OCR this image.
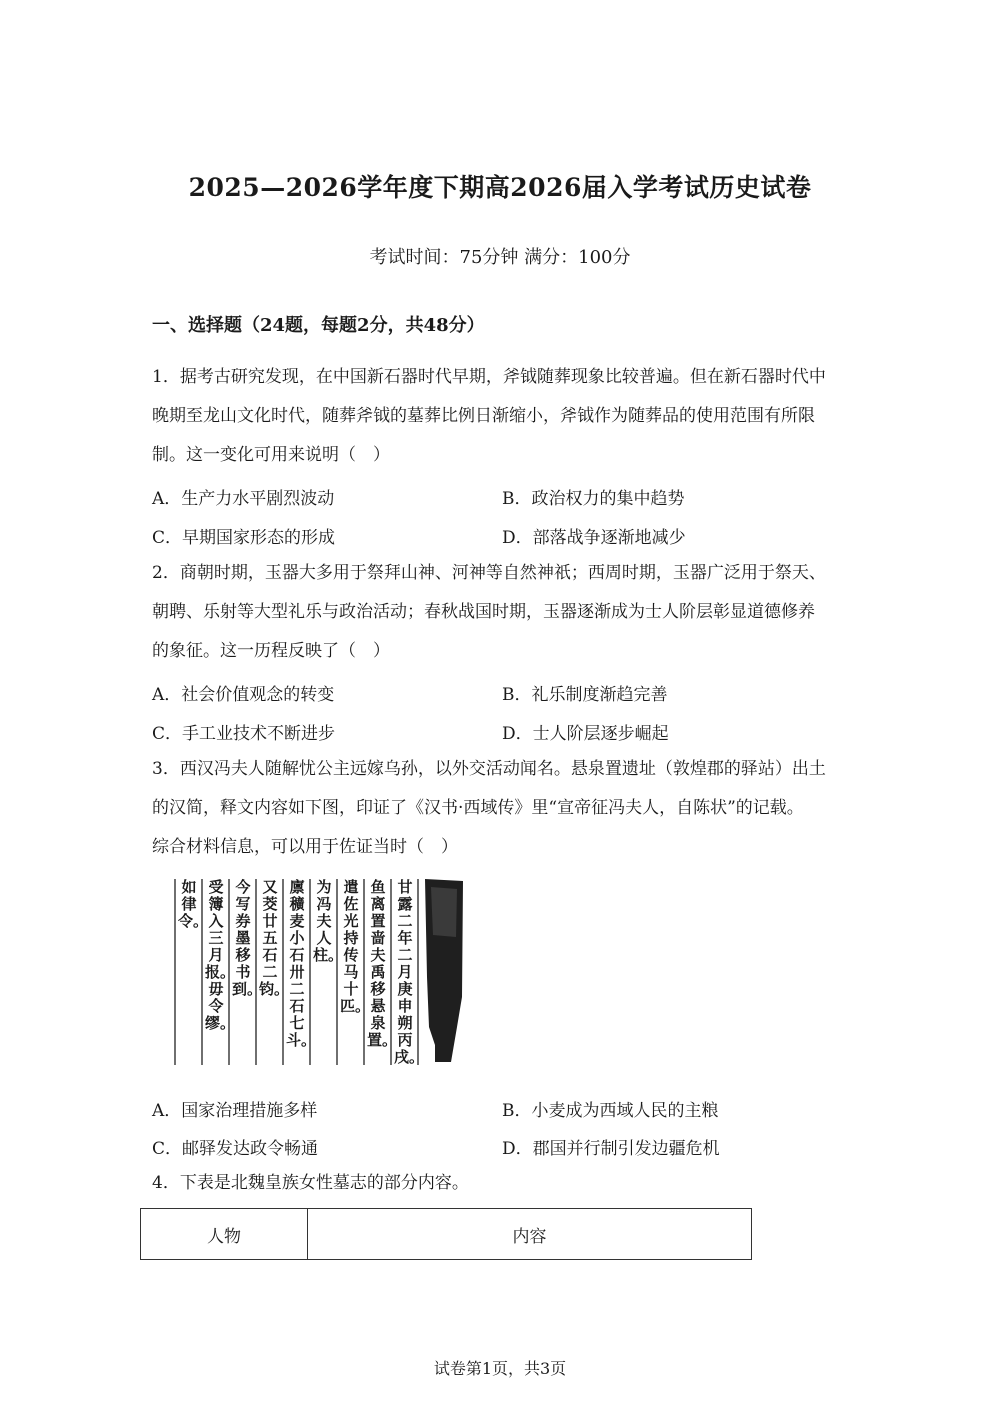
2025—2026学年度下期高2026届入学考试历史试卷
考试时间：75分钟 满分：100分
一、选择题（24题，每题2分，共48分）
1．据考古研究发现，在中国新石器时代早期，斧钺随葬现象比较普遍。但在新石器时代中
晚期至龙山文化时代，随葬斧钺的墓葬比例日渐缩小，斧钺作为随葬品的使用范围有所限
制。这一变化可用来说明（　）
A．生产力水平剧烈波动	B．政治权力的集中趋势
C．早期国家形态的形成	D．部落战争逐渐地减少
2．商朝时期，玉器大多用于祭拜山神、河神等自然神祇；西周时期，玉器广泛用于祭天、
朝聘、乐射等大型礼乐与政治活动；春秋战国时期，玉器逐渐成为士人阶层彰显道德修养
的象征。这一历程反映了（　）
A．社会价值观念的转变	B．礼乐制度渐趋完善
C．手工业技术不断进步	D．士人阶层逐步崛起
3．西汉冯夫人随解忧公主远嫁乌孙，以外交活动闻名。悬泉置遗址（敦煌郡的驿站）出土
的汉简，释文内容如下图，印证了《汉书·西域传》里“宣帝征冯夫人，自陈状”的记载。
综合材料信息，可以用于佐证当时（　）
甘露二年二月庚申朔丙戌。
鱼离置啬夫禹移悬泉置。
遣佐光持传马十匹。
为冯夫人柱。
廪穬麦小石卅二石七斗。
又茭廿五石二钧。
今写券墨移书到。
受簿入三月报。毋令缪。
如律令。
A．国家治理措施多样	B．小麦成为西域人民的主粮
C．邮驿发达政令畅通	D．郡国并行制引发边疆危机
4．下表是北魏皇族女性墓志的部分内容。
人物	内容
试卷第1页，共3页
